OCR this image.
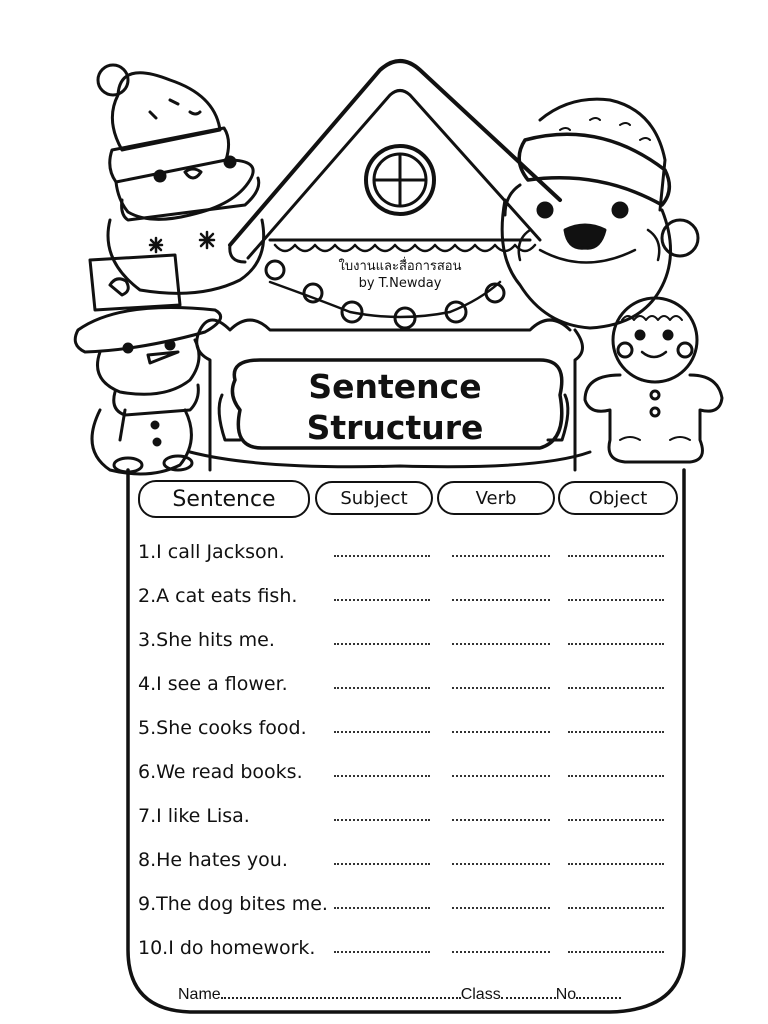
ใบงานและสื่อการสอน
by T.Newday
Sentence
Structure
Sentence	Subject	Verb	Object
1.I call Jackson.
2.A cat eats fish.
3.She hits me.
4.I see a flower.
5.She cooks food.
6.We read books.
7.I like Lisa.
8.He hates you.
9.The dog bites me.
10.I do homework.
Name	Class	No
